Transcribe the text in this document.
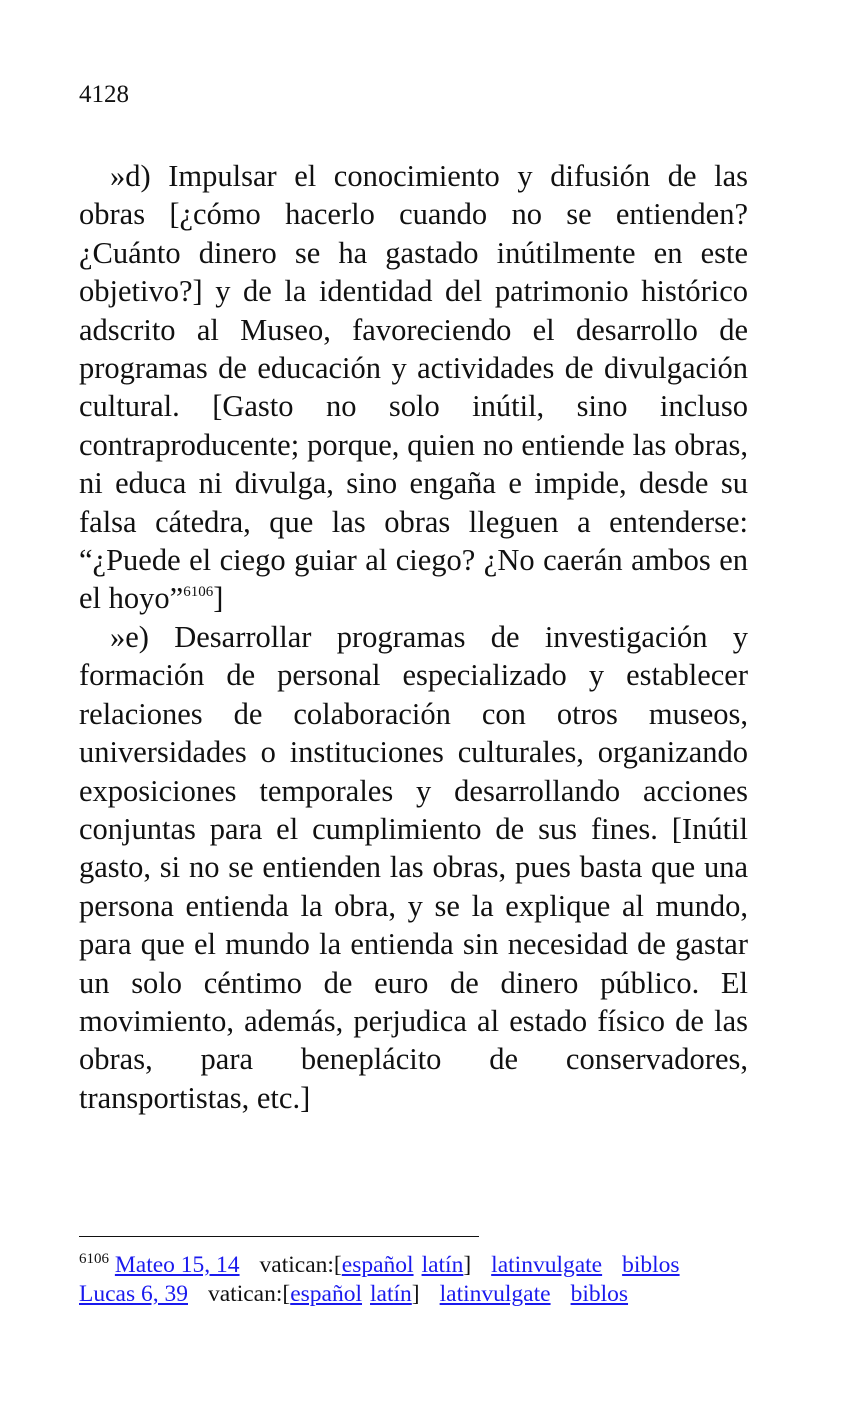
4128

»d) Impulsar el conocimiento y difusión de las obras [¿cómo hacerlo cuando no se entienden? ¿Cuánto dinero se ha gastado inútilmente en este objetivo?] y de la identidad del patrimonio histórico adscrito al Museo, favoreciendo el desarrollo de programas de educación y actividades de divulgación cultural. [Gasto no solo inútil, sino incluso contraproducente; porque, quien no entiende las obras, ni educa ni divulga, sino engaña e impide, desde su falsa cátedra, que las obras lleguen a entenderse: “¿Puede el ciego guiar al ciego? ¿No caerán ambos en el hoyo”$^{6106}$]

»e) Desarrollar programas de investigación y formación de personal especializado y establecer relaciones de colaboración con otros museos, universidades o instituciones culturales, organizando exposiciones temporales y desarrollando acciones conjuntas para el cumplimiento de sus fines. [Inútil gasto, si no se entienden las obras, pues basta que una persona entienda la obra, y se la explique al mundo, para que el mundo la entienda sin necesidad de gastar un solo céntimo de euro de dinero público. El movimiento, además, perjudica al estado físico de las obras, para beneplácito de conservadores, transportistas, etc.]

$^{6106}$ Mateo 15, 14 vatican:[español latín] latinvulgate biblos
Lucas 6, 39 vatican:[español latín] latinvulgate biblos
